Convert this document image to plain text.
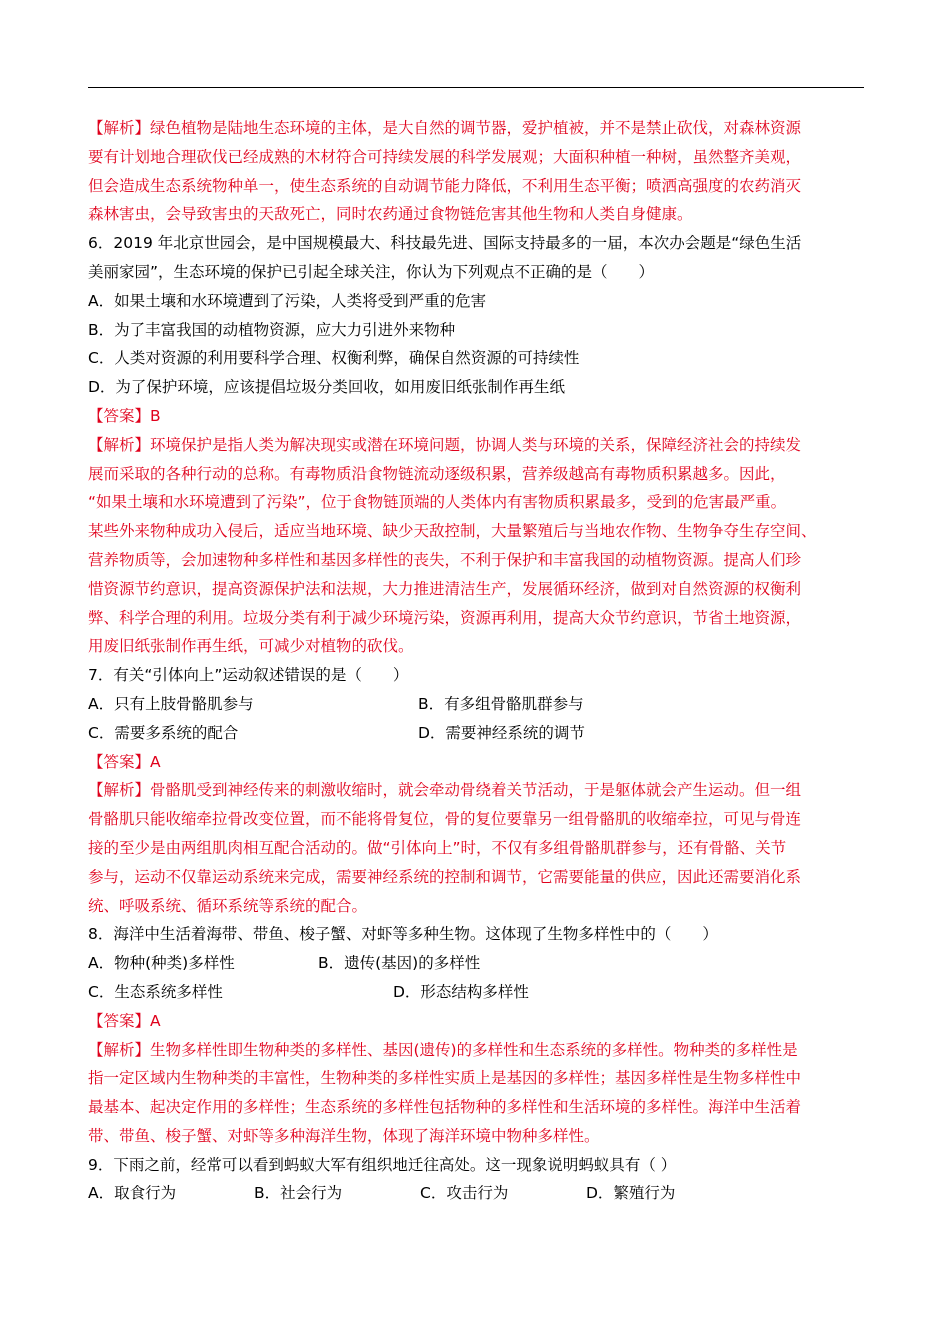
【解析】绿色植物是陆地生态环境的主体，是大自然的调节器，爱护植被，并不是禁止砍伐，对森林资源
要有计划地合理砍伐已经成熟的木材符合可持续发展的科学发展观；大面积种植一种树，虽然整齐美观，
但会造成生态系统物种单一，使生态系统的自动调节能力降低，不利用生态平衡；喷洒高强度的农药消灭
森林害虫，会导致害虫的天敌死亡，同时农药通过食物链危害其他生物和人类自身健康。
6．2019 年北京世园会，是中国规模最大、科技最先进、国际支持最多的一届，本次办会题是“绿色生活
美丽家园”，生态环境的保护已引起全球关注，你认为下列观点不正确的是（　　）
A．如果土壤和水环境遭到了污染，人类将受到严重的危害
B．为了丰富我国的动植物资源，应大力引进外来物种
C．人类对资源的利用要科学合理、权衡利弊，确保自然资源的可持续性
D．为了保护环境，应该提倡垃圾分类回收，如用废旧纸张制作再生纸
【答案】B
【解析】环境保护是指人类为解决现实或潜在环境问题，协调人类与环境的关系，保障经济社会的持续发
展而采取的各种行动的总称。有毒物质沿食物链流动逐级积累，营养级越高有毒物质积累越多。因此，
“如果土壤和水环境遭到了污染”，位于食物链顶端的人类体内有害物质积累最多，受到的危害最严重。
某些外来物种成功入侵后，适应当地环境、缺少天敌控制，大量繁殖后与当地农作物、生物争夺生存空间、
营养物质等，会加速物种多样性和基因多样性的丧失，不利于保护和丰富我国的动植物资源。提高人们珍
惜资源节约意识，提高资源保护法和法规，大力推进清洁生产，发展循环经济，做到对自然资源的权衡利
弊、科学合理的利用。垃圾分类有利于减少环境污染，资源再利用，提高大众节约意识，节省土地资源，
用废旧纸张制作再生纸，可减少对植物的砍伐。
7．有关“引体向上”运动叙述错误的是（　　）
A．只有上肢骨骼肌参与	B．有多组骨骼肌群参与
C．需要多系统的配合	D．需要神经系统的调节
【答案】A
【解析】骨骼肌受到神经传来的刺激收缩时，就会牵动骨绕着关节活动，于是躯体就会产生运动。但一组
骨骼肌只能收缩牵拉骨改变位置，而不能将骨复位，骨的复位要靠另一组骨骼肌的收缩牵拉，可见与骨连
接的至少是由两组肌肉相互配合活动的。做“引体向上”时，不仅有多组骨骼肌群参与，还有骨骼、关节
参与，运动不仅靠运动系统来完成，需要神经系统的控制和调节，它需要能量的供应，因此还需要消化系
统、呼吸系统、循环系统等系统的配合。
8．海洋中生活着海带、带鱼、梭子蟹、对虾等多种生物。这体现了生物多样性中的（　　）
A．物种(种类)多样性	B．遗传(基因)的多样性
C．生态系统多样性	D．形态结构多样性
【答案】A
【解析】生物多样性即生物种类的多样性、基因(遗传)的多样性和生态系统的多样性。物种类的多样性是
指一定区域内生物种类的丰富性，生物种类的多样性实质上是基因的多样性；基因多样性是生物多样性中
最基本、起决定作用的多样性；生态系统的多样性包括物种的多样性和生活环境的多样性。海洋中生活着
带、带鱼、梭子蟹、对虾等多种海洋生物，体现了海洋环境中物种多样性。
9．下雨之前，经常可以看到蚂蚁大军有组织地迁往高处。这一现象说明蚂蚁具有（ ）
A．取食行为	B．社会行为	C．攻击行为	D．繁殖行为
